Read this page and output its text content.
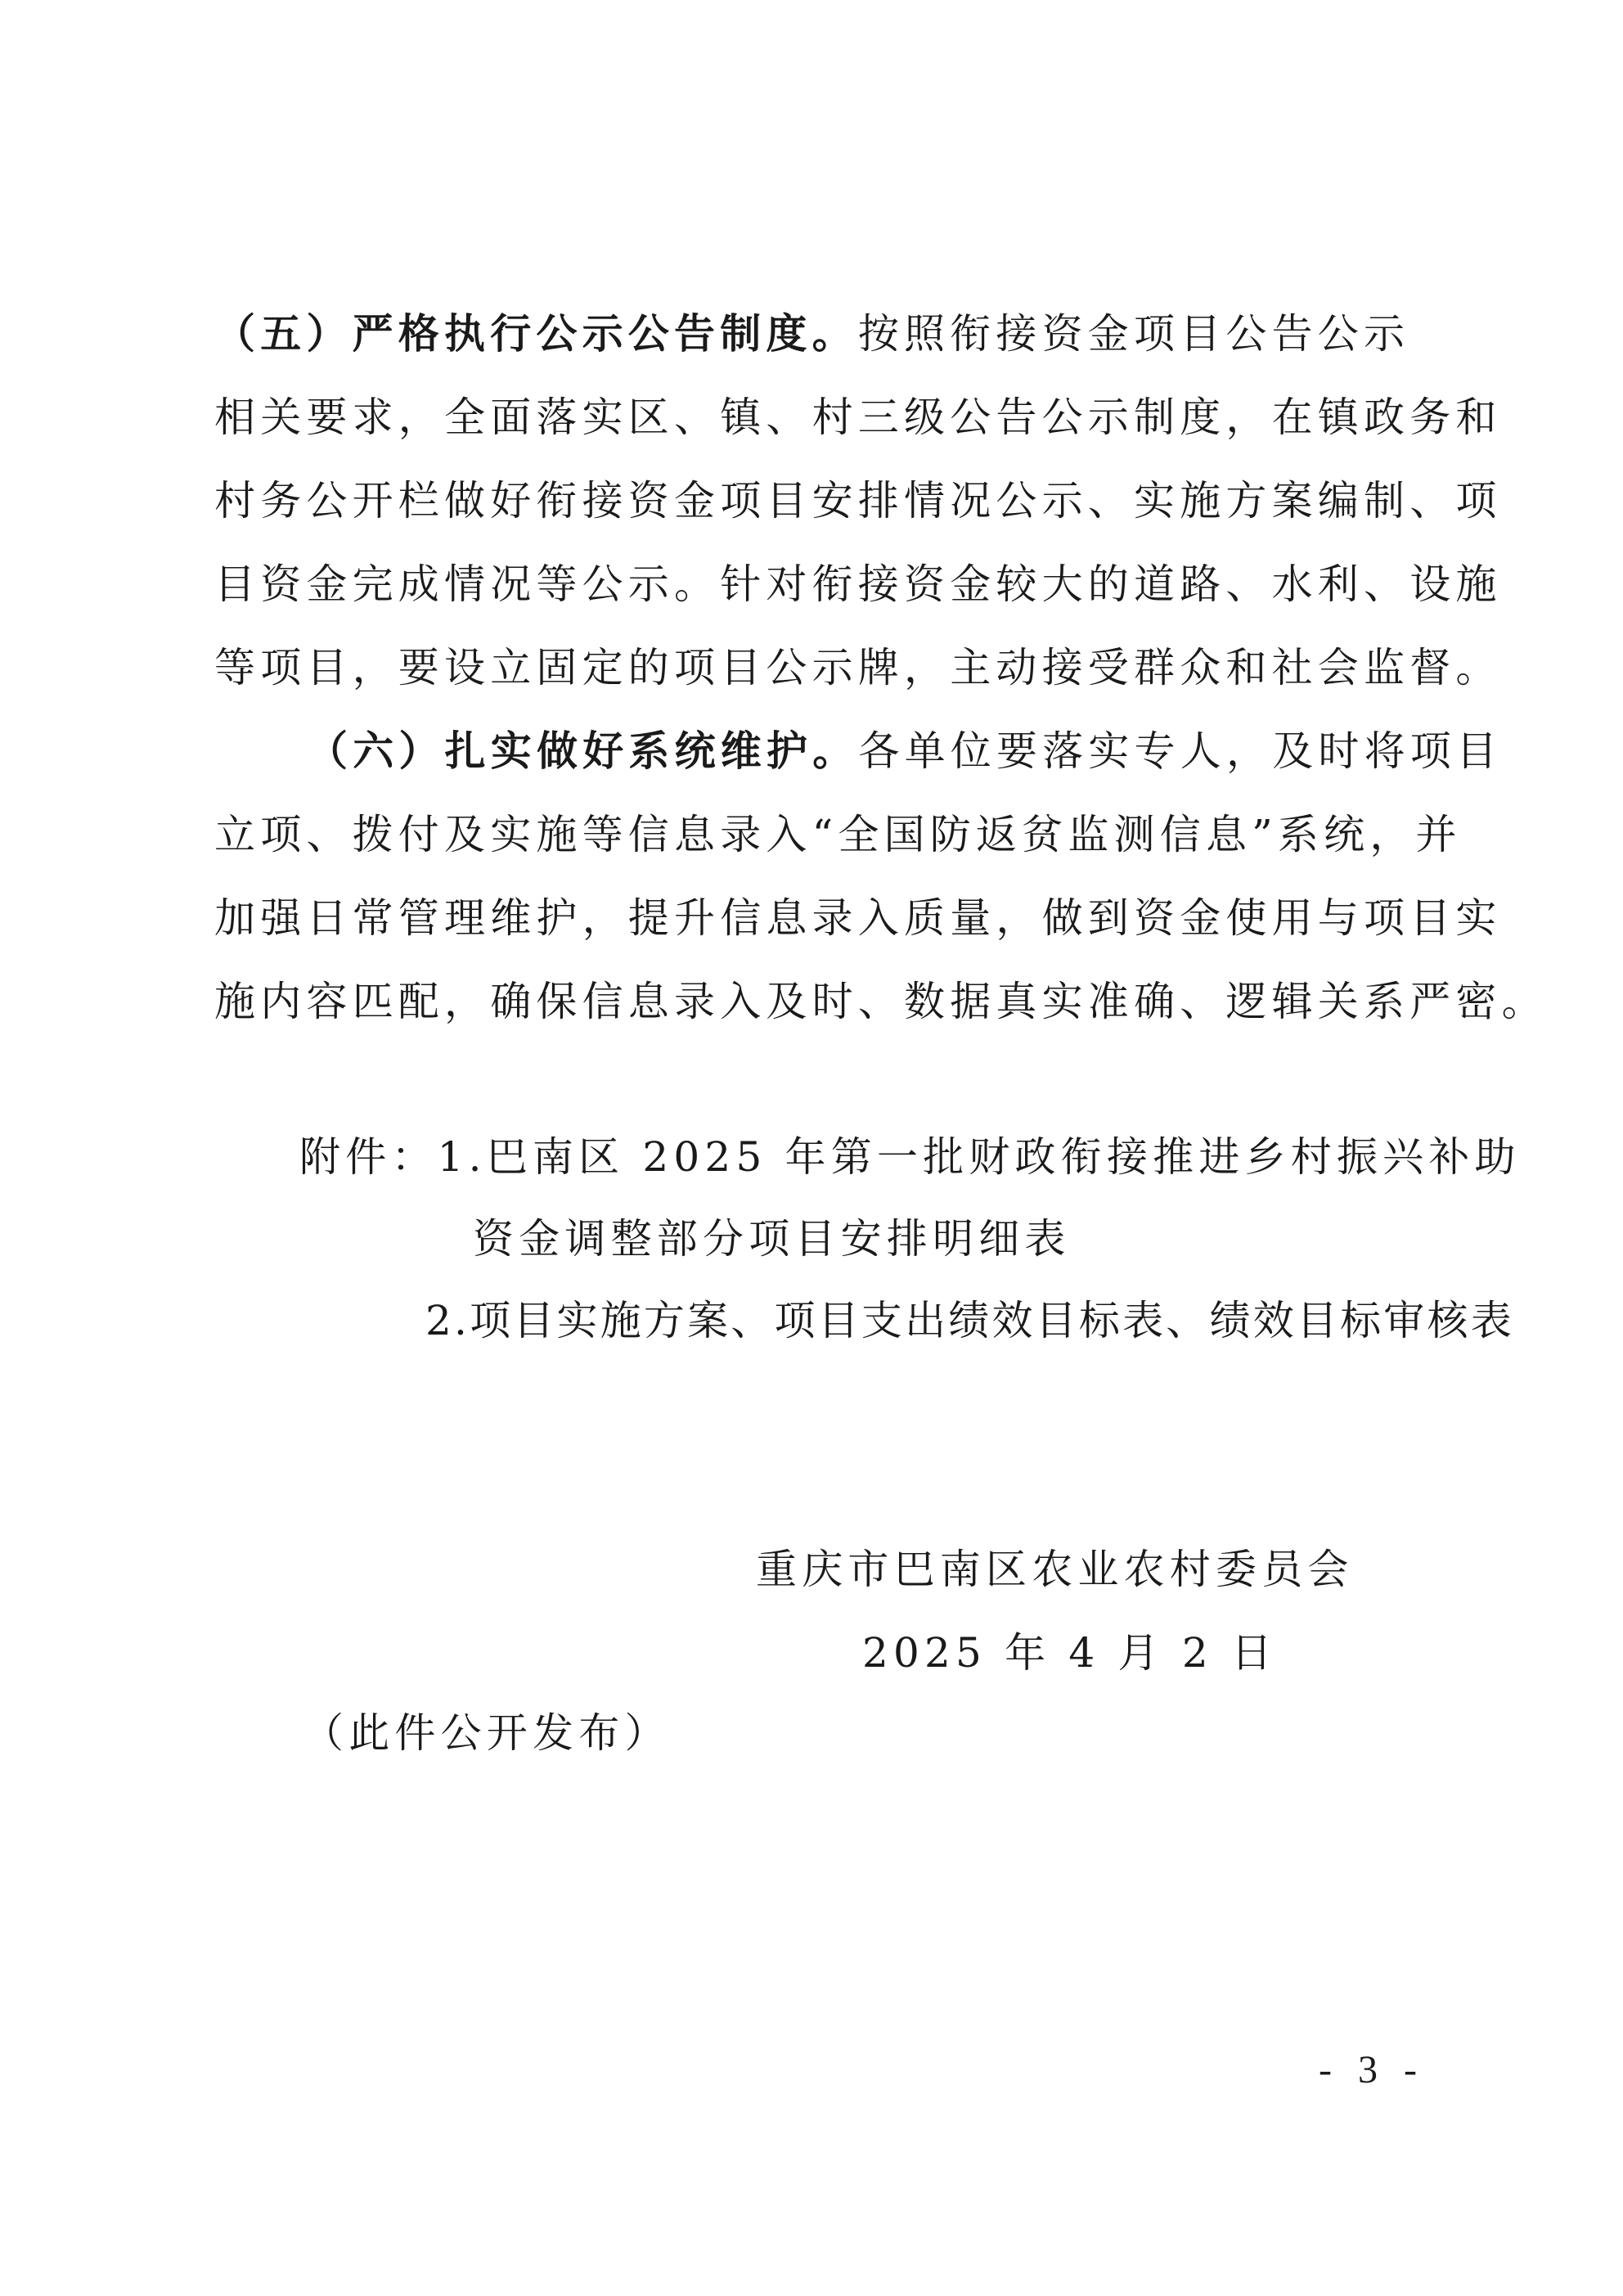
（五）严格执行公示公告制度。按照衔接资金项目公告公示
相关要求，全面落实区、镇、村三级公告公示制度，在镇政务和
村务公开栏做好衔接资金项目安排情况公示、实施方案编制、项
目资金完成情况等公示。针对衔接资金较大的道路、水利、设施
等项目，要设立固定的项目公示牌，主动接受群众和社会监督。
（六）扎实做好系统维护。各单位要落实专人，及时将项目
立项、拨付及实施等信息录入“全国防返贫监测信息”系统，并
加强日常管理维护，提升信息录入质量，做到资金使用与项目实
施内容匹配，确保信息录入及时、数据真实准确、逻辑关系严密。
附件：1.巴南区 2025 年第一批财政衔接推进乡村振兴补助
资金调整部分项目安排明细表
2.项目实施方案、项目支出绩效目标表、绩效目标审核表
重庆市巴南区农业农村委员会
2025 年 4 月 2 日
（此件公开发布）
- 3 -
